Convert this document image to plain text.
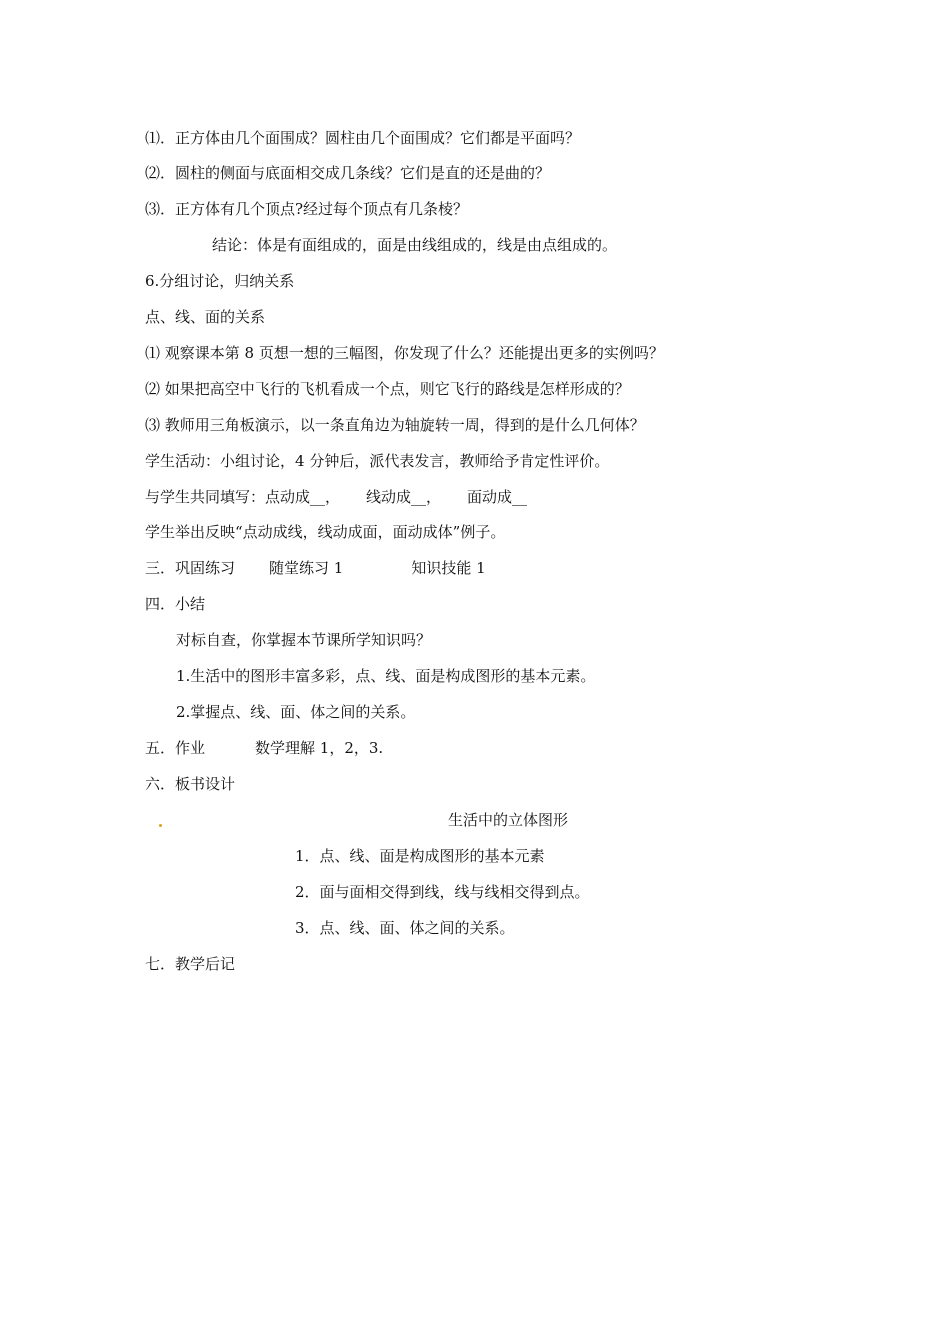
⑴．正方体由几个面围成？圆柱由几个面围成？它们都是平面吗？
⑵．圆柱的侧面与底面相交成几条线？它们是直的还是曲的？
⑶．正方体有几个顶点?经过每个顶点有几条棱？
结论：体是有面组成的，面是由线组成的，线是由点组成的。
6.分组讨论，归纳关系
点、线、面的关系
⑴ 观察课本第 8 页想一想的三幅图，你发现了什么？还能提出更多的实例吗？
⑵ 如果把高空中飞行的飞机看成一个点，则它飞行的路线是怎样形成的？
⑶ 教师用三角板演示，以一条直角边为轴旋转一周，得到的是什么几何体？
学生活动：小组讨论，4 分钟后，派代表发言，教师给予肯定性评价。
与学生共同填写：点动成__， 线动成__， 面动成__
学生举出反映“点动成线，线动成面，面动成体”例子。
三．巩固练习 随堂练习 1	知识技能 1
四．小结
对标自查，你掌握本节课所学知识吗？
1.生活中的图形丰富多彩，点、线、面是构成图形的基本元素。
2.掌握点、线、面、体之间的关系。
五．作业	数学理解 1，2，3.
六．板书设计
生活中的立体图形
1．点、线、面是构成图形的基本元素
2．面与面相交得到线，线与线相交得到点。
3．点、线、面、体之间的关系。
七．教学后记
